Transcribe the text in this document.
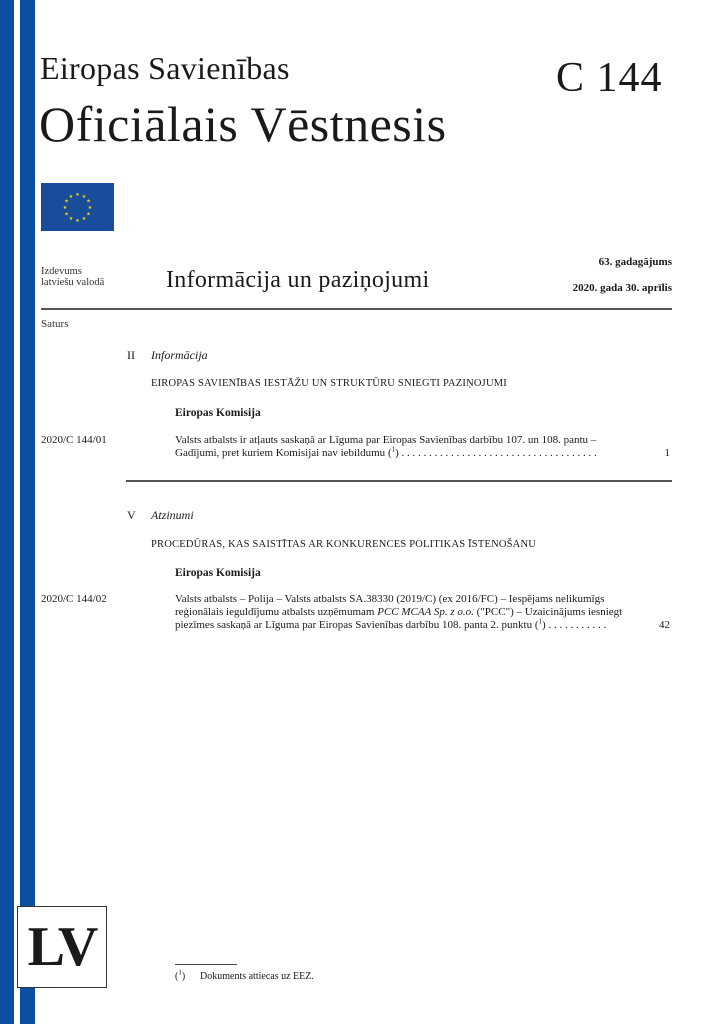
Eiropas Savienības
Oficiālais Vēstnesis
C 144
★ ★
★
★
★
★
★
★
★
★
★
★
Izdevums
latviešu valodā	Informācija un paziņojumi
63. gadagājums
2020. gada 30. aprīlis
Saturs
II Informācija
EIROPAS SAVIENĪBAS IESTĀŽU UN STRUKTŪRU SNIEGTI PAZIŅOJUMI
Eiropas Komisija
2020/C 144/01	Valsts atbalsts ir atļauts saskaņā ar Līguma par Eiropas Savienības darbību 107. un 108. pantu –
Gadījumi, pret kuriem Komisijai nav iebildumu ($^1$) . . . . . . . . . . . . . . . . . . . . . . . . . . . . . . . . . . . .	1
V Atzinumi
PROCEDŪRAS, KAS SAISTĪTAS AR KONKURENCES POLITIKAS ĪSTENOŠANU
Eiropas Komisija
2020/C 144/02	Valsts atbalsts – Polija – Valsts atbalsts SA.38330 (2019/C) (ex 2016/FC) – Iespējams nelikumīgs
reģionālais ieguldījumu atbalsts uzņēmumam PCC MCAA Sp. z o.o. ("PCC") – Uzaicinājums iesniegt
piezīmes saskaņā ar Līguma par Eiropas Savienības darbību 108. panta 2. punktu ($^1$) . . . . . . . . . . .	42
LV	($^1$) Dokuments attiecas uz EEZ.
